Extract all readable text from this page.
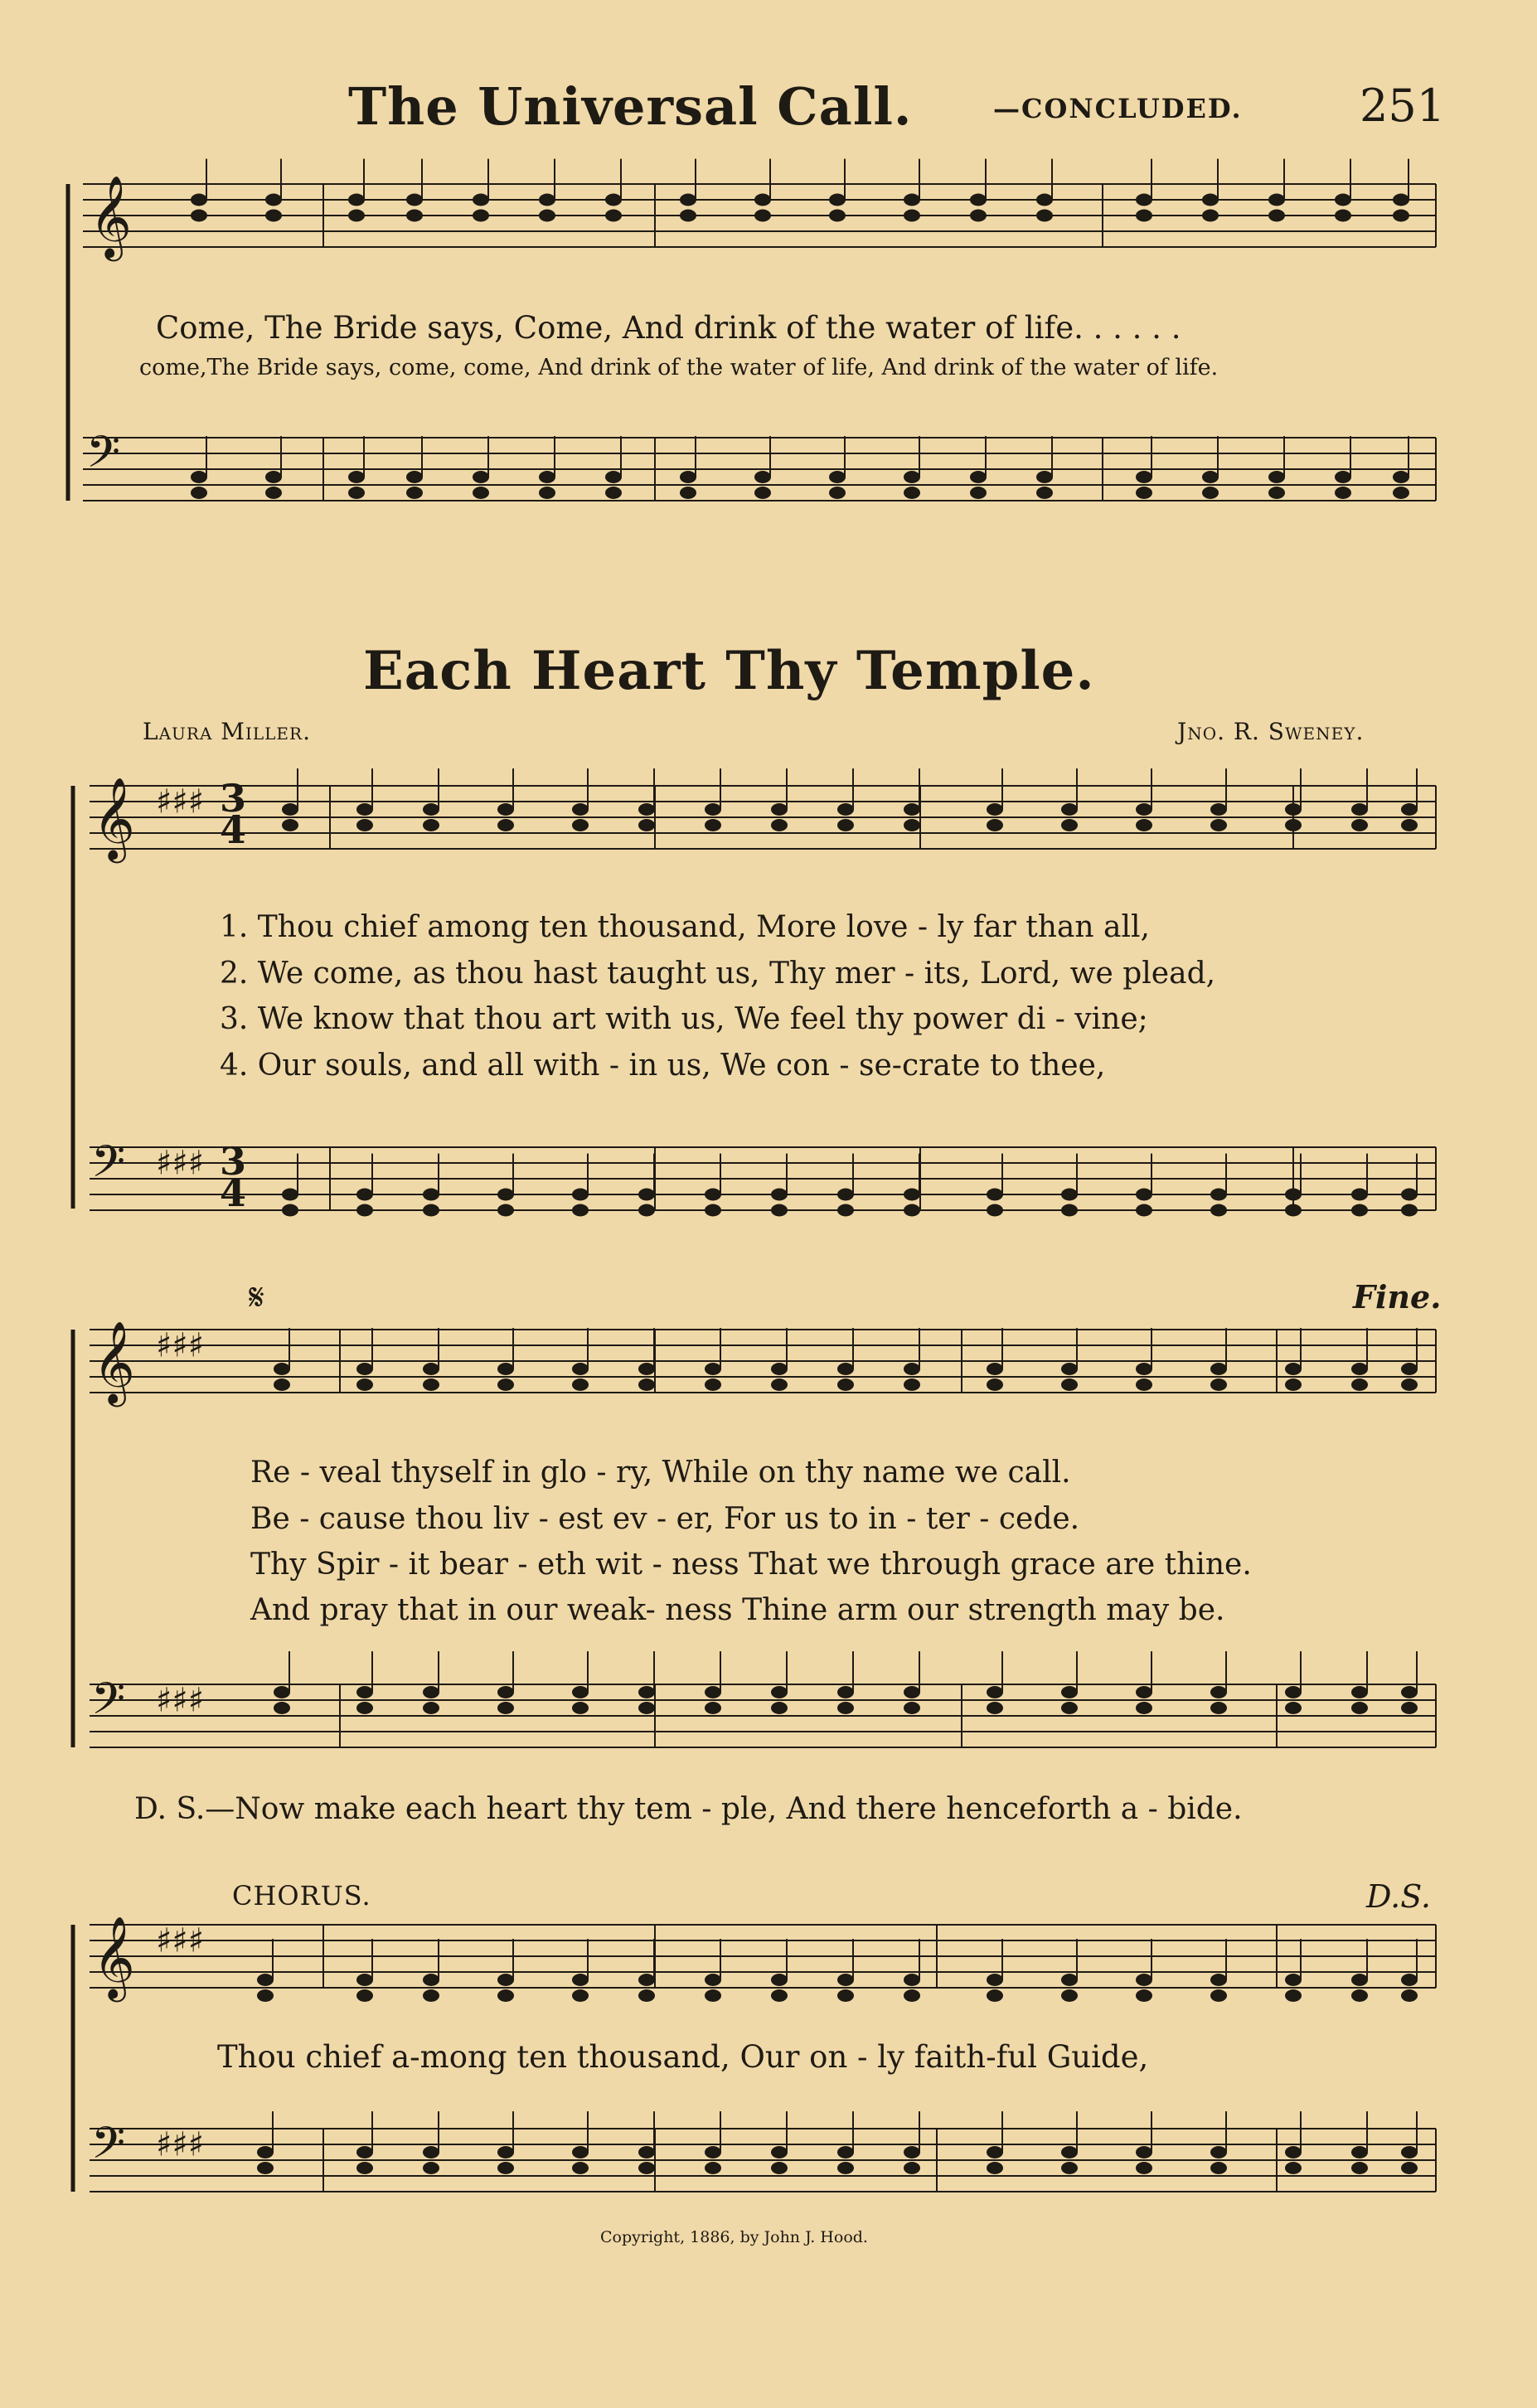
The Universal Call.	—CONCLUDED.	251
𝄞
𝄢
𝄞
𝄢
♯♯♯
♯♯♯
𝄞
𝄢
♯♯♯
♯♯♯
𝄞
𝄢
♯♯♯
♯♯♯
Come, The Bride says, Come, And drink of the water of life. . . . . .
come,The Bride says, come, come, And drink of the water of life, And drink of the water of life.
Each Heart Thy Temple.
Laura Miller.	Jno. R. Sweney.
1. Thou chief among ten thousand, More love - ly far than all,
2. We come, as thou hast taught us, Thy mer - its, Lord, we plead,
3. We know that thou art with us, We feel thy power di - vine;
4. Our souls, and all with - in us, We con - se-crate to thee,
𝄋	Fine.
Re - veal thyself in glo - ry, While on thy name we call.
Be - cause thou liv - est ev - er, For us to in - ter - cede.
Thy Spir - it bear - eth wit - ness That we through grace are thine.
And pray that in our weak- ness Thine arm our strength may be.
D. S.—Now make each heart thy tem - ple, And there henceforth a - bide.
CHORUS.	D.S.
Thou chief a-mong ten thousand, Our on - ly faith-ful Guide,
Copyright, 1886, by John J. Hood.
3
4
3
4
